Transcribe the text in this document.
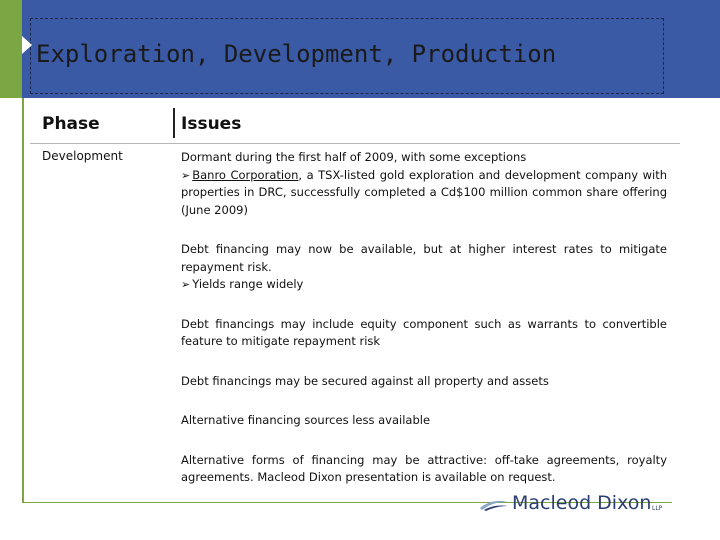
Exploration, Development, Production
Phase	Issues
Development	Dormant during the first half of 2009, with some exceptions

➢ Banro Corporation, a TSX-listed gold exploration and development company with properties in DRC, successfully completed a Cd$100 million common share offering (June 2009)

Debt financing may now be available, but at higher interest rates to mitigate repayment risk.

➢ Yields range widely

Debt financings may include equity component such as warrants to convertible feature to mitigate repayment risk

Debt financings may be secured against all property and assets

Alternative financing sources less available

Alternative forms of financing may be attractive: off-take agreements, royalty agreements. Macleod Dixon presentation is available on request.

Macleod Dixon LLP
